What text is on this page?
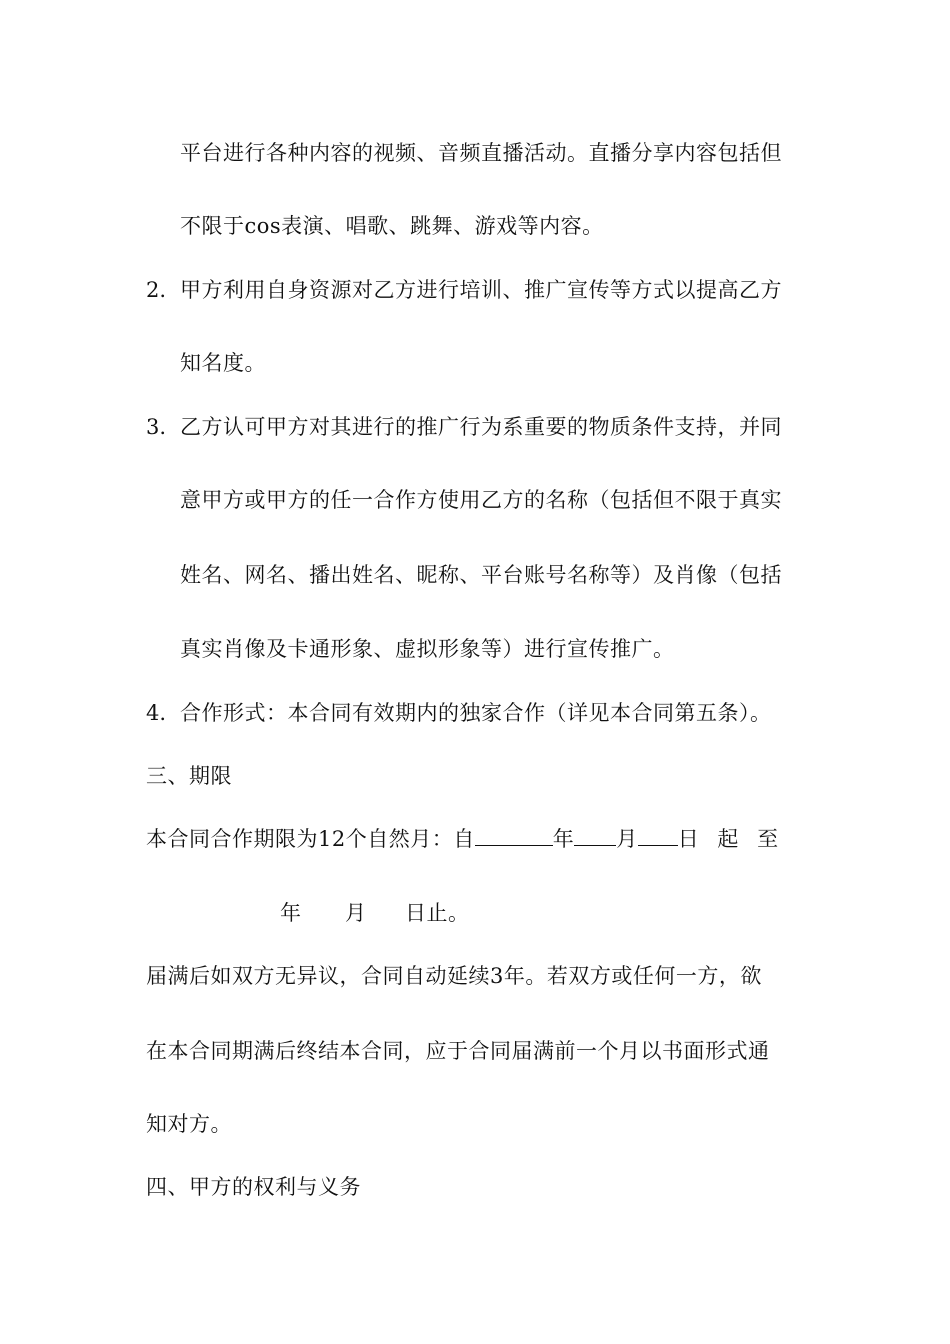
平台进行各种内容的视频、音频直播活动。直播分享内容包括但
不限于cos表演、唱歌、跳舞、游戏等内容。
2. 甲方利用自身资源对乙方进行培训、推广宣传等方式以提高乙方
知名度。
3. 乙方认可甲方对其进行的推广行为系重要的物质条件支持，并同
意甲方或甲方的任一合作方使用乙方的名称（包括但不限于真实
姓名、网名、播出姓名、昵称、平台账号名称等）及肖像（包括
真实肖像及卡通形象、虚拟形象等）进行宣传推广。
4. 合作形式：本合同有效期内的独家合作（详见本合同第五条）。
三、期限
本合同合作期限为12个自然月：自	年 月 日 起 至
年 月 日止。
届满后如双方无异议，合同自动延续3年。若双方或任何一方，欲
在本合同期满后终结本合同，应于合同届满前一个月以书面形式通
知对方。
四、甲方的权利与义务
